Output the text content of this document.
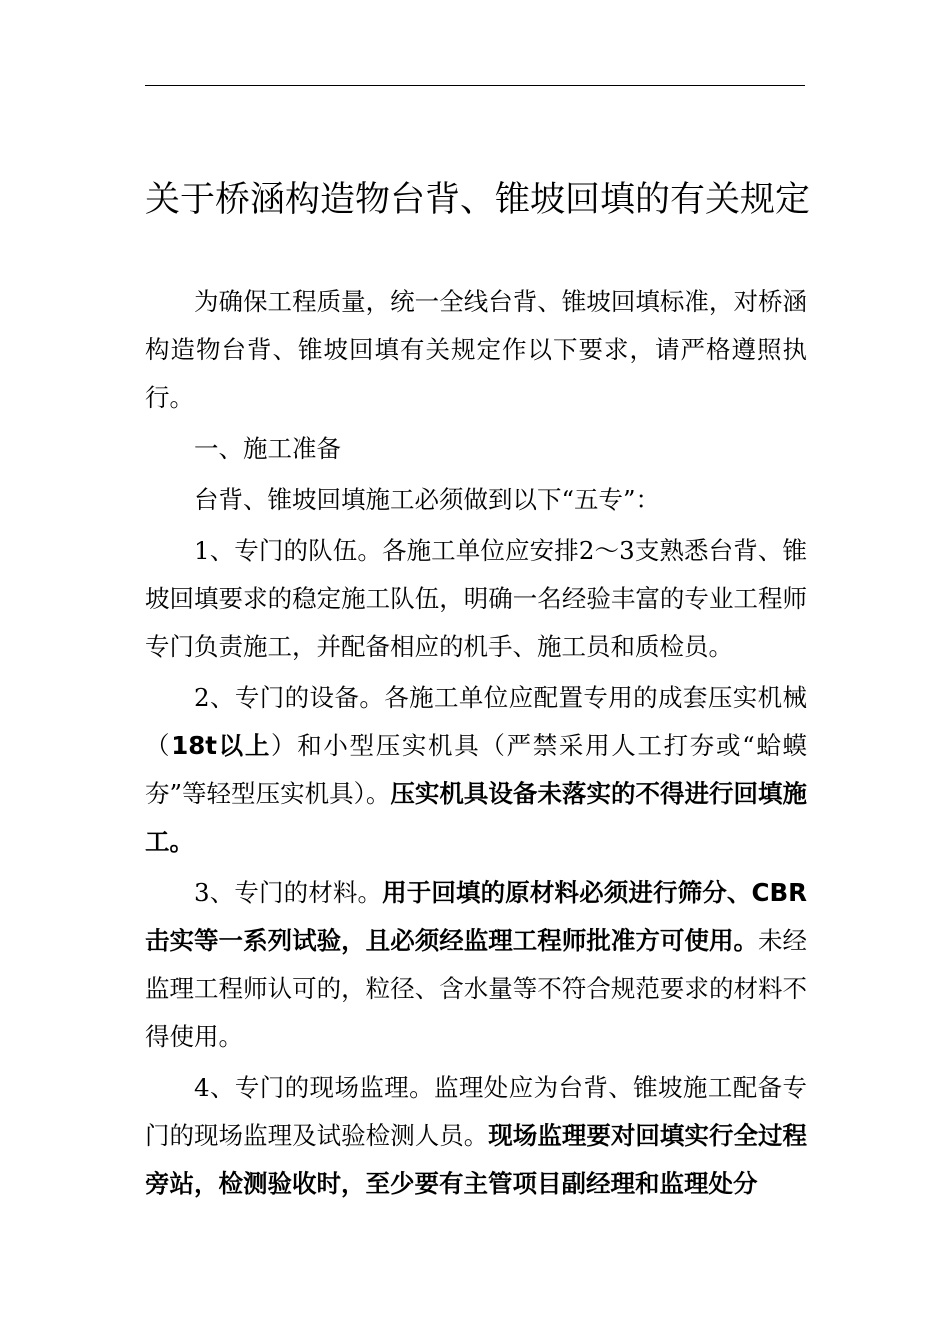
关于桥涵构造物台背、锥坡回填的有关规定

为确保工程质量，统一全线台背、锥坡回填标准，对桥涵构造物台背、锥坡回填有关规定作以下要求，请严格遵照执行。

一、施工准备

台背、锥坡回填施工必须做到以下“五专”：

1、专门的队伍。各施工单位应安排2～3支熟悉台背、锥坡回填要求的稳定施工队伍，明确一名经验丰富的专业工程师专门负责施工，并配备相应的机手、施工员和质检员。

2、专门的设备。各施工单位应配置专用的成套压实机械（18t以上）和小型压实机具（严禁采用人工打夯或“蛤蟆夯”等轻型压实机具）。压实机具设备未落实的不得进行回填施工。

3、专门的材料。用于回填的原材料必须进行筛分、CBR击实等一系列试验，且必须经监理工程师批准方可使用。未经监理工程师认可的，粒径、含水量等不符合规范要求的材料不得使用。

4、专门的现场监理。监理处应为台背、锥坡施工配备专门的现场监理及试验检测人员。现场监理要对回填实行全过程旁站，检测验收时，至少要有主管项目副经理和监理处分
